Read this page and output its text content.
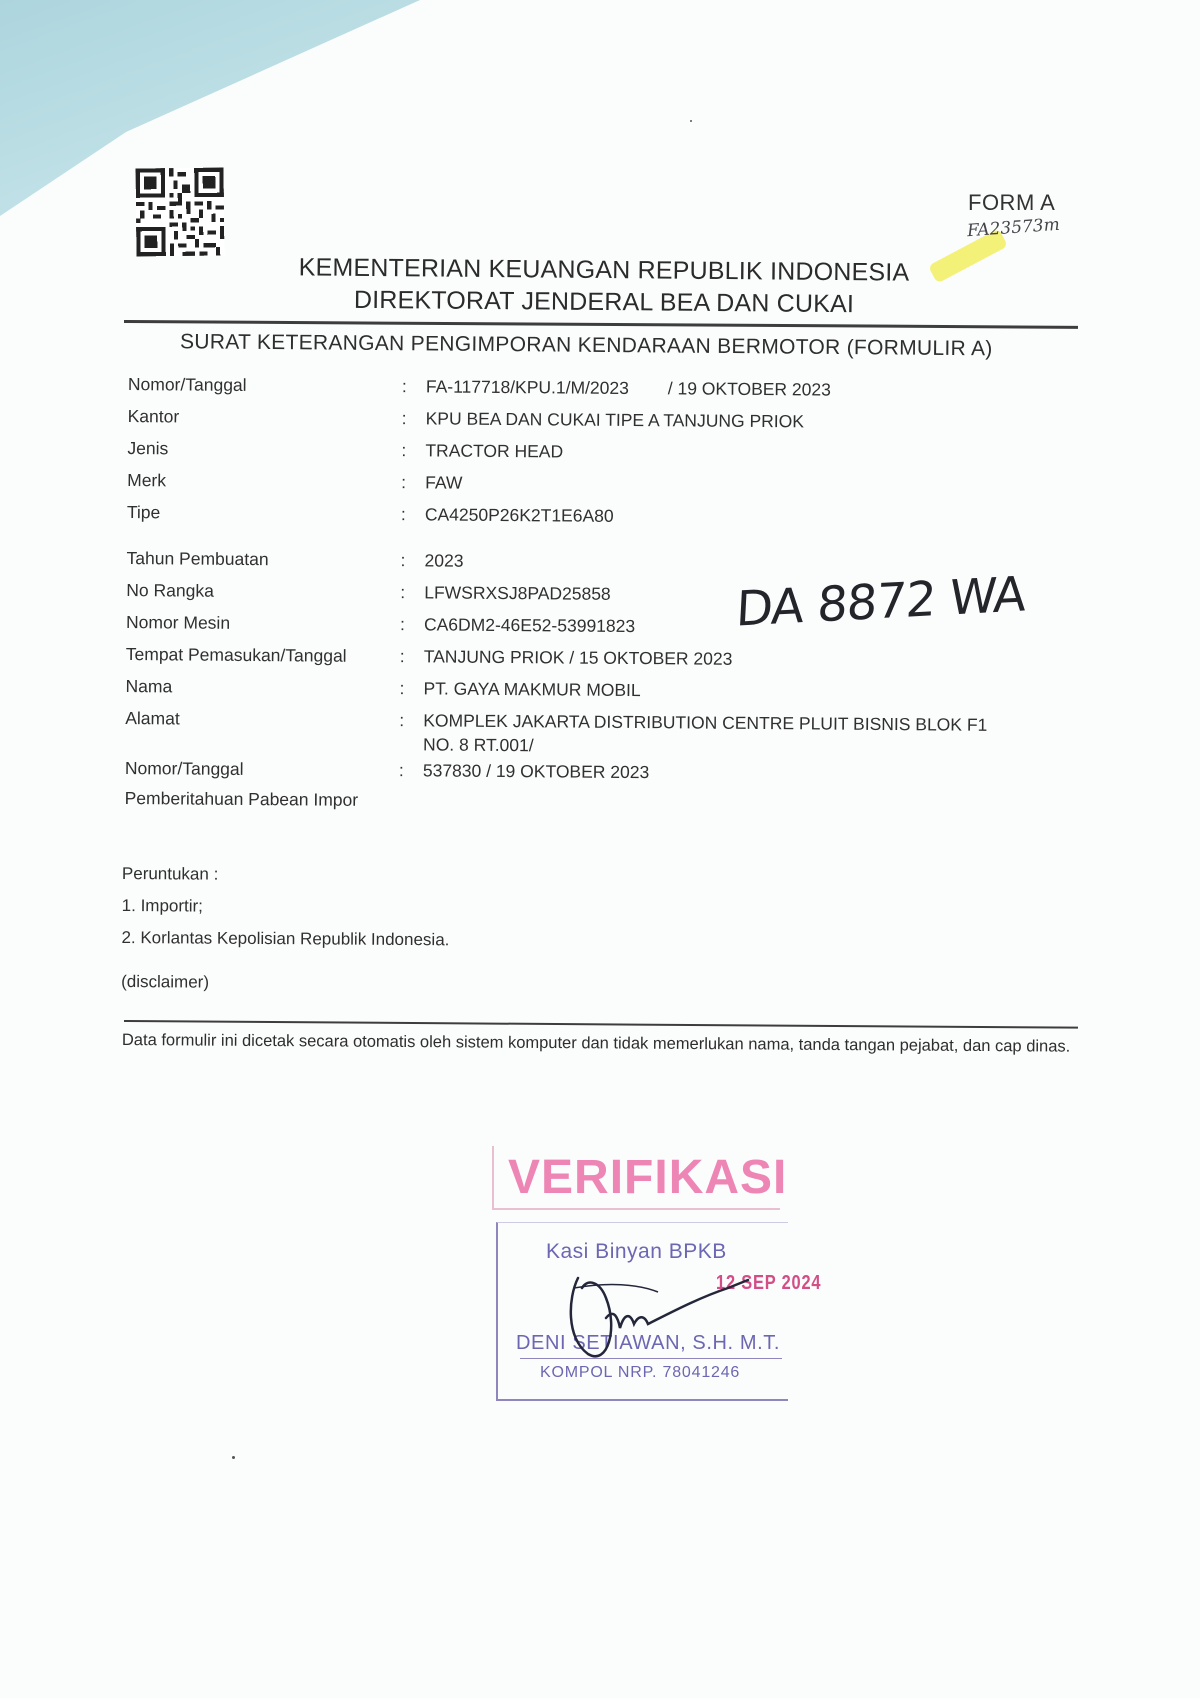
FORM A
FA23573m
KEMENTERIAN KEUANGAN REPUBLIK INDONESIA
DIREKTORAT JENDERAL BEA DAN CUKAI
SURAT KETERANGAN PENGIMPORAN KENDARAAN BERMOTOR (FORMULIR A)
Nomor/Tanggal	: FA-117718/KPU.1/M/2023        / 19 OKTOBER 2023
Kantor	: KPU BEA DAN CUKAI TIPE A TANJUNG PRIOK
Jenis	: TRACTOR HEAD
Merk	: FAW
Tipe	: CA4250P26K2T1E6A80
Tahun Pembuatan	: 2023
No Rangka	: LFWSRXSJ8PAD25858
Nomor Mesin	: CA6DM2-46E52-53991823
Tempat Pemasukan/Tanggal	: TANJUNG PRIOK / 15 OKTOBER 2023
Nama	: PT. GAYA MAKMUR MOBIL
Alamat	: KOMPLEK JAKARTA DISTRIBUTION CENTRE PLUIT BISNIS BLOK F1
NO. 8 RT.001/
Nomor/Tanggal	: 537830 / 19 OKTOBER 2023
Pemberitahuan Pabean Impor
DA 8872 WA
Peruntukan :
1. Importir;
2. Korlantas Kepolisian Republik Indonesia.
(disclaimer)
Data formulir ini dicetak secara otomatis oleh sistem komputer dan tidak memerlukan nama, tanda tangan pejabat, dan cap dinas.
VERIFIKASI
Kasi Binyan BPKB
12 SEP 2024
DENI SETIAWAN, S.H. M.T.
KOMPOL NRP. 78041246
